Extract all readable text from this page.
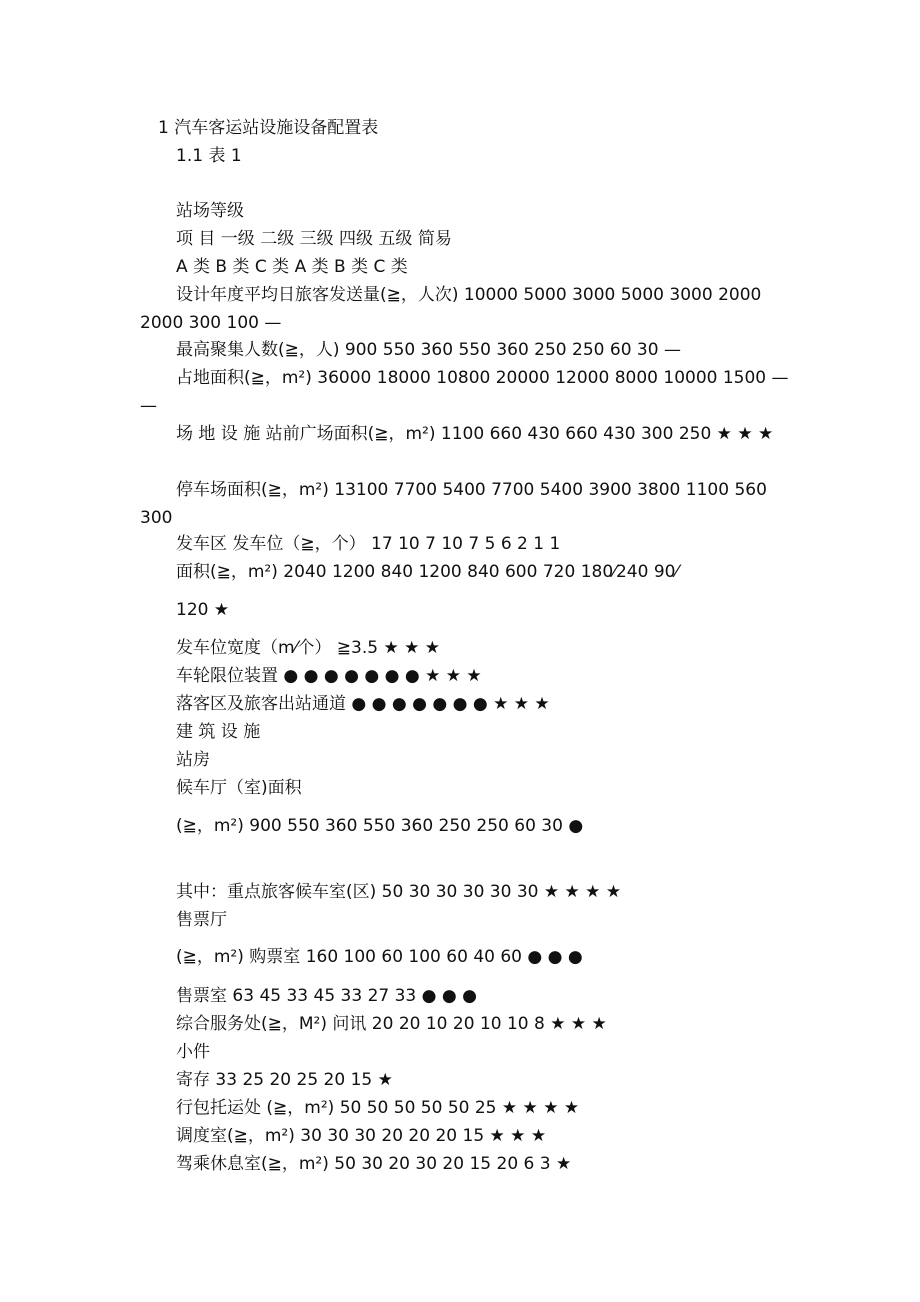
1 汽车客运站设施设备配置表

1.1 表 1

站场等级

项 目 一级 二级 三级 四级 五级 简易

A 类 B 类 C 类 A 类 B 类 C 类

设计年度平均日旅客发送量(≧，人次) 10000 5000 3000 5000 3000 2000 2000 300 100 —

最高聚集人数(≧，人) 900 550 360 550 360 250 250 60 30 —

占地面积(≧，m²) 36000 18000 10800 20000 12000 8000 10000 1500 — —

场 地 设 施 站前广场面积(≧，m²) 1100 660 430 660 430 300 250 ★ ★ ★

停车场面积(≧，m²) 13100 7700 5400 7700 5400 3900 3800 1100 560 300

发车区 发车位（≧，个） 17 10 7 10 7 5 6 2 1 1

面积(≧，m²) 2040 1200 840 1200 840 600 720 180⁄240 90⁄

120 ★

发车位宽度（m⁄个） ≧3.5 ★ ★ ★

车轮限位装置 ● ● ● ● ● ● ● ★ ★ ★

落客区及旅客出站通道 ● ● ● ● ● ● ● ★ ★ ★

建 筑 设 施

站房

候车厅（室)面积

(≧，m²) 900 550 360 550 360 250 250 60 30 ●

其中：重点旅客候车室(区) 50 30 30 30 30 30 ★ ★ ★ ★

售票厅

(≧，m²) 购票室 160 100 60 100 60 40 60 ● ● ●

售票室 63 45 33 45 33 27 33 ● ● ●

综合服务处(≧，M²) 问讯 20 20 10 20 10 10 8 ★ ★ ★

小件

寄存 33 25 20 25 20 15 ★

行包托运处 (≧，m²) 50 50 50 50 50 25 ★ ★ ★ ★

调度室(≧，m²) 30 30 30 20 20 20 15 ★ ★ ★

驾乘休息室(≧，m²) 50 30 20 30 20 15 20 6 3 ★
